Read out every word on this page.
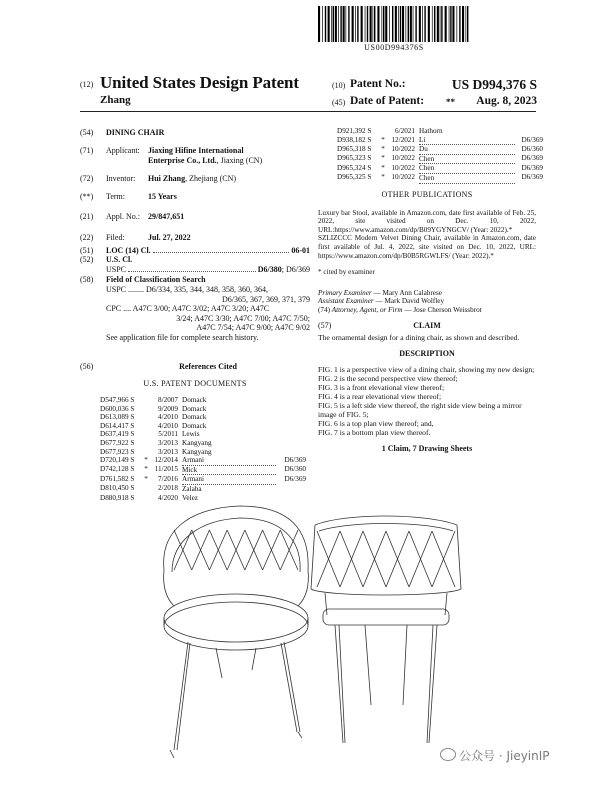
US00D994376S
(12) United States Design Patent
Zhang
(10) Patent No.:	US D994,376 S
(45) Date of Patent: **	Aug. 8, 2023
(54)	DINING CHAIR
(71)	Applicant:	Jiaxing Hifine International
Enterprise Co., Ltd., Jiaxing (CN)
(72)	Inventor:	Hui Zhang, Zhejiang (CN)
(**)	Term:	15 Years
(21)	Appl. No.:	29/847,651
(22)	Filed:	Jul. 27, 2022
(51)	LOC (14) Cl.	06-01
(52)	U.S. Cl.
USPC	D6/380; D6/369
(58)	Field of Classification Search
USPC ........ D6/334, 335, 344, 348, 358, 360, 364,
D6/365, 367, 369, 371, 379
CPC .... A47C 3/00; A47C 3/02; A47C 3/20; A47C
3/24; A47C 3/30; A47C 7/00; A47C 7/50;
A47C 7/54; A47C 9/00; A47C 9/02
See application file for complete search history.
(56)	References Cited
U.S. PATENT DOCUMENTS
D547,966 S		8/2007	Domack	
D600,036 S		9/2009	Domack	
D613,089 S		4/2010	Domack	
D614,417 S		4/2010	Domack	
D637,419 S		5/2011	Lewis	
D677,922 S		3/2013	Kangyang	
D677,923 S		3/2013	Kangyang	
D720,149 S	*	12/2014	Armani	D6/369
D742,128 S	*	11/2015	Mick	D6/360
D761,582 S	*	7/2016	Armani	D6/369
D810,450 S		2/2018	Zalaba	
D880,918 S		4/2020	Velez	
D921,392 S		6/2021	Hathorn	
D938,182 S	*	12/2021	Li	D6/369
D965,318 S	*	10/2022	Du	D6/360
D965,323 S	*	10/2022	Chen	D6/369
D965,324 S	*	10/2022	Chen	D6/369
D965,325 S	*	10/2022	Chen	D6/369
OTHER PUBLICATIONS
Luxury bar Stool, available in Amazon.com, date first available of Feb. 25, 2022, site visited on Dec. 10, 2022, URL:https://www.amazon.com/dp/B09YGYNGCV/ (Year: 2022).*
SZLIZCCC Modern Velvet Dining Chair, available in Amazon.com, date first available of Jul. 4, 2022, site visited on Dec. 10, 2022, URL: https://www.amazon.com/dp/B0B5RGWLFS/ (Year: 2022).*
* cited by examiner
Primary Examiner — Mary Ann Calabrese
Assistant Examiner — Mark David Wolfley
(74) Attorney, Agent, or Firm — Jose Cherson Weissbrot
(57)	CLAIM
The ornamental design for a dining chair, as shown and described.
DESCRIPTION
FIG. 1 is a perspective view of a dining chair, showing my new design;
FIG. 2 is the second perspective view thereof;
FIG. 3 is a front elevational view thereof;
FIG. 4 is a rear elevational view thereof;
FIG. 5 is a left side view thereof, the right side view being a mirror image of FIG. 5;
FIG. 6 is a top plan view thereof; and,
FIG. 7 is a bottom plan view thereof.
1 Claim, 7 Drawing Sheets
公众号 · JieyinIP
